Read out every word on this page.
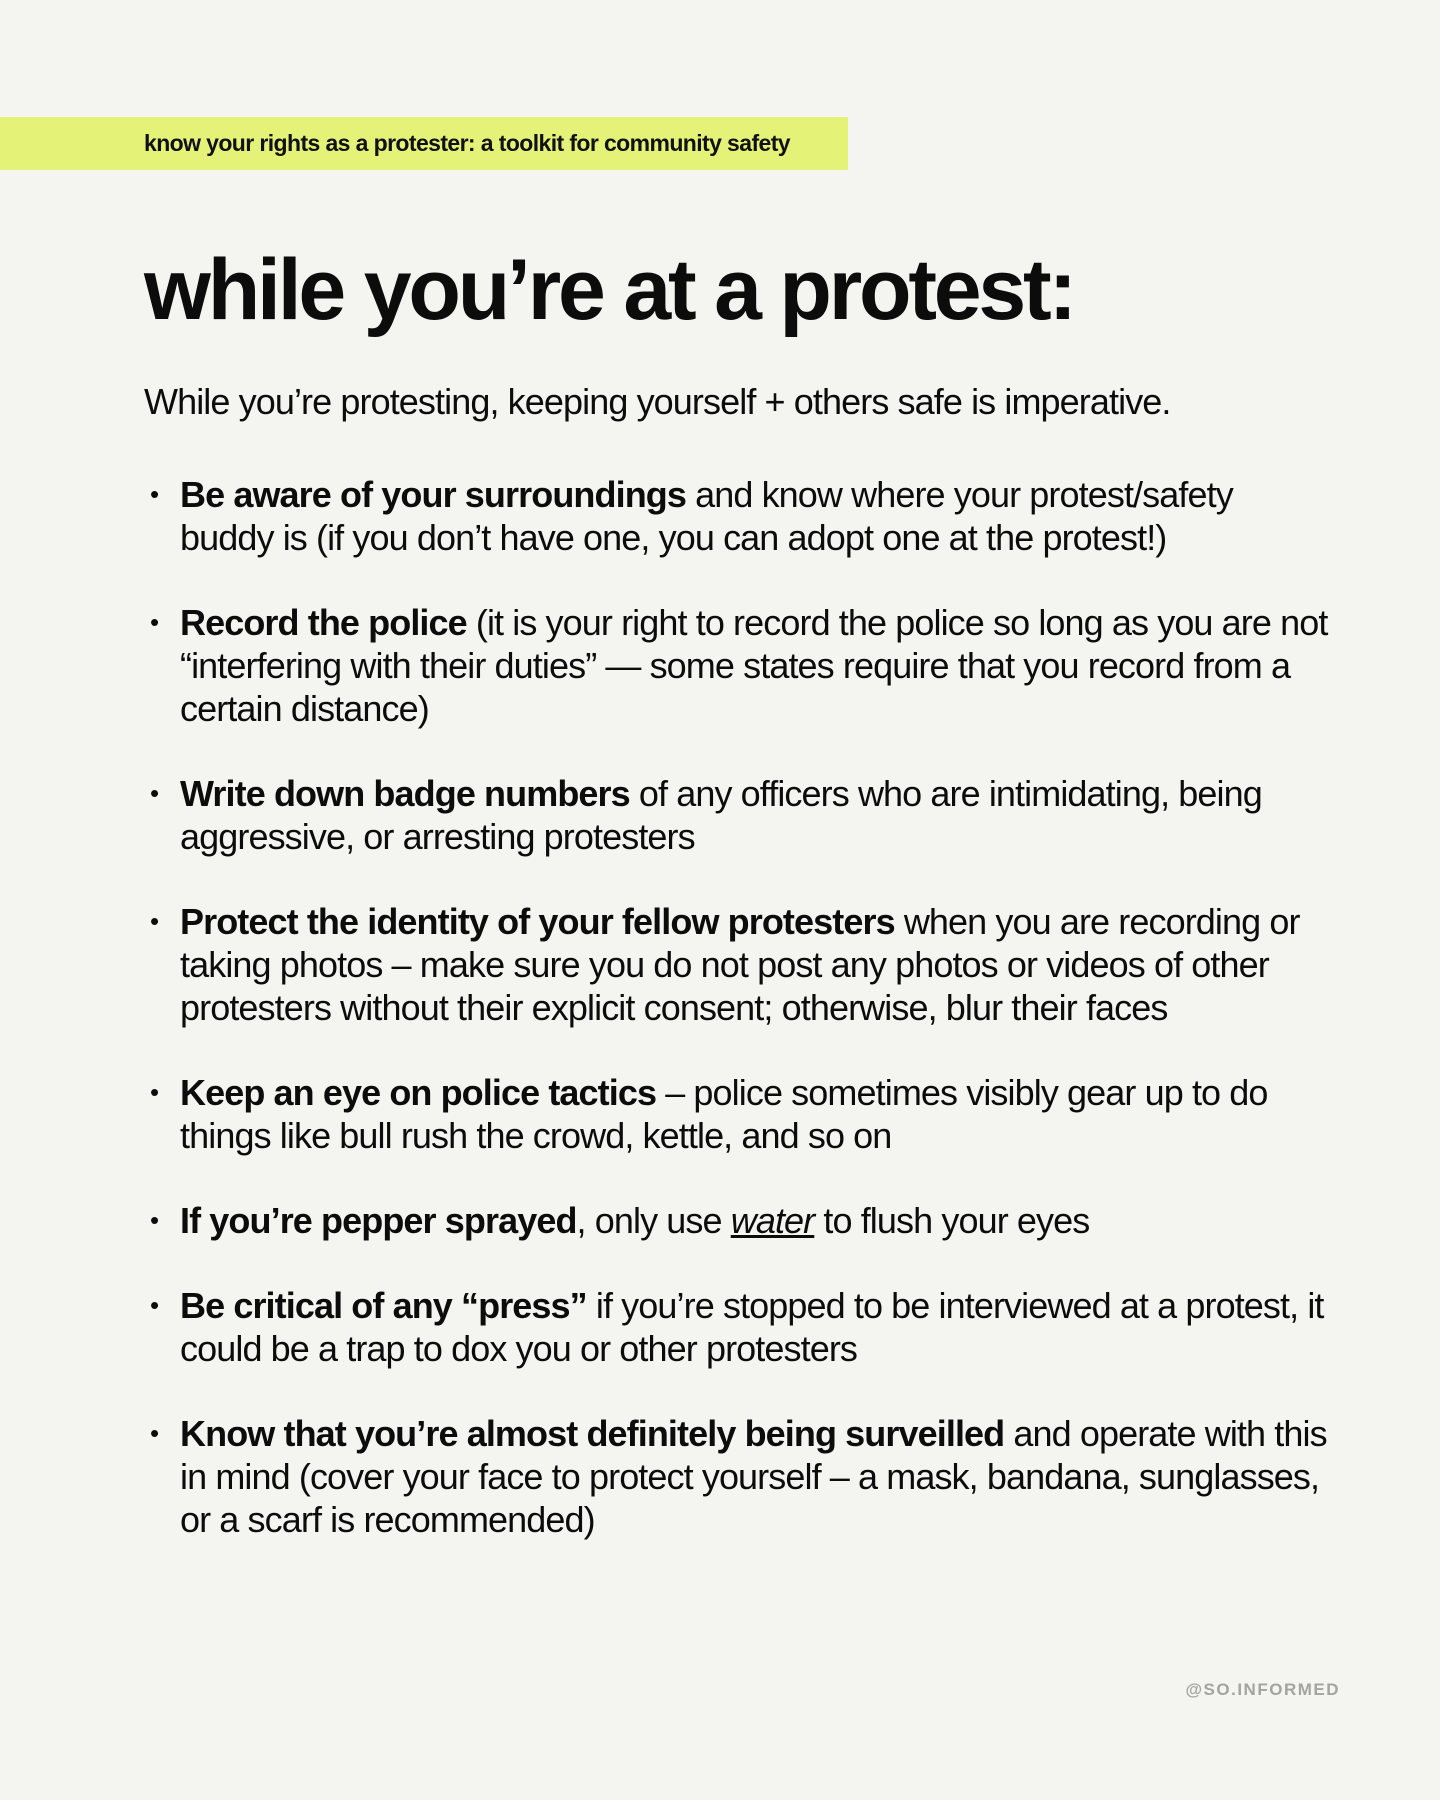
know your rights as a protester: a toolkit for community safety
while you’re at a protest:

While you’re protesting, keeping yourself + others safe is imperative.

• Be aware of your surroundings and know where your protest/safety buddy is (if you don’t have one, you can adopt one at the protest!)
• Record the police (it is your right to record the police so long as you are not “interfering with their duties” — some states require that you record from a certain distance)
• Write down badge numbers of any officers who are intimidating, being aggressive, or arresting protesters
• Protect the identity of your fellow protesters when you are recording or taking photos – make sure you do not post any photos or videos of other protesters without their explicit consent; otherwise, blur their faces
• Keep an eye on police tactics – police sometimes visibly gear up to do things like bull rush the crowd, kettle, and so on
• If you’re pepper sprayed, only use water to flush your eyes
• Be critical of any “press” if you’re stopped to be interviewed at a protest, it could be a trap to dox you or other protesters
• Know that you’re almost definitely being surveilled and operate with this in mind (cover your face to protect yourself – a mask, bandana, sunglasses, or a scarf is recommended)
@SO.INFORMED
